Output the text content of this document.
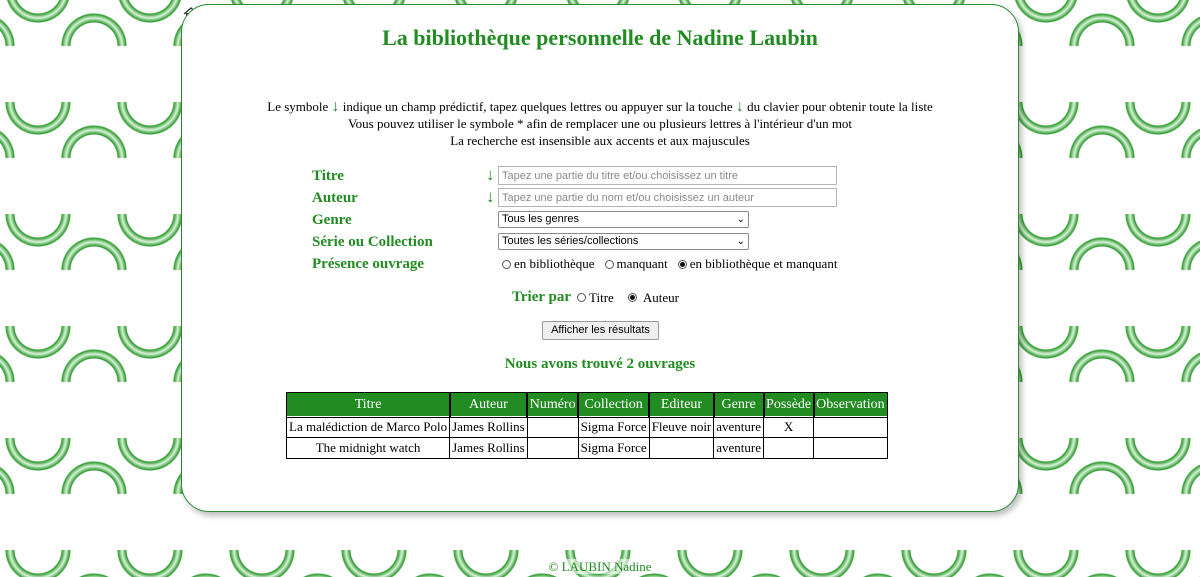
La bibliothèque personnelle de Nadine Laubin

Le symbole ↓ indique un champ prédictif, tapez quelques lettres ou appuyer sur la touche ↓ du clavier pour obtenir toute la liste

Vous pouvez utiliser le symbole * afin de remplacer une ou plusieurs lettres à l'intérieur d'un mot

La recherche est insensible aux accents et aux majuscules

Titre	↓
Tapez une partie du titre et/ou choisissez un titre
Auteur	↓
Tapez une partie du nom et/ou choisissez un auteur
Genre	Tous les genres	⌄
Série ou Collection	Toutes les séries/collections	⌄
Présence ouvrage	en bibliothèque manquant en bibliothèque et manquant
Trier par Titre Auteur
Afficher les résultats
Nous avons trouvé 2 ouvrages
Titre	Auteur	Numéro	Collection	Editeur	Genre	Possède	Observation
La malédiction de Marco Polo	James Rollins		Sigma Force	Fleuve noir	aventure	X	
The midnight watch	James Rollins		Sigma Force		aventure		
© LAUBIN Nadine
